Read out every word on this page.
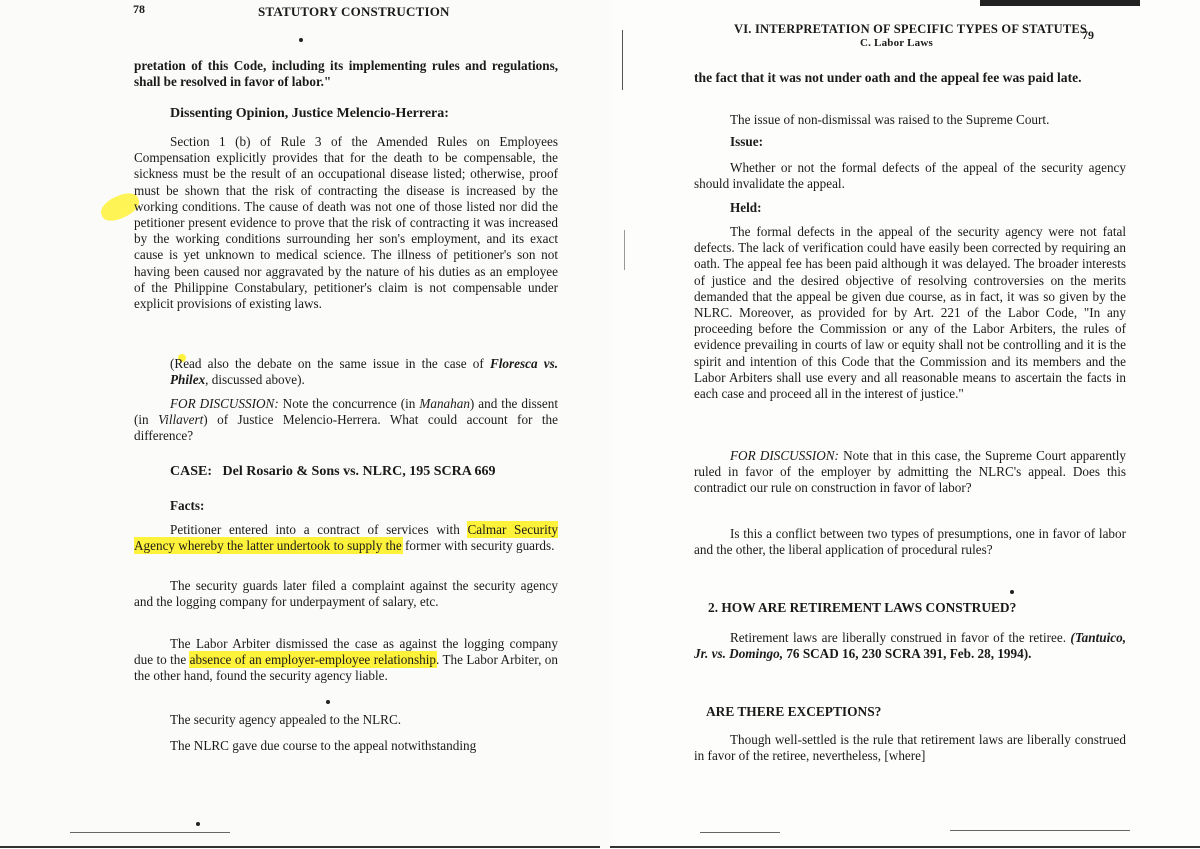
78	STATUTORY CONSTRUCTION

pretation of this Code, including its implementing rules and regulations, shall be resolved in favor of labor."

Dissenting Opinion, Justice Melencio-Herrera:

Section 1 (b) of Rule 3 of the Amended Rules on Employees Compensation explicitly provides that for the death to be compensable, the sickness must be the result of an occupational disease listed; otherwise, proof must be shown that the risk of contracting the disease is increased by the working conditions. The cause of death was not one of those listed nor did the petitioner present evidence to prove that the risk of contracting it was increased by the working conditions surrounding her son's employment, and its exact cause is yet unknown to medical science. The illness of petitioner's son not having been caused nor aggravated by the nature of his duties as an employee of the Philippine Constabulary, petitioner's claim is not compensable under explicit provisions of existing laws.

(Read also the debate on the same issue in the case of Floresca vs. Philex, discussed above).

FOR DISCUSSION: Note the concurrence (in Manahan) and the dissent (in Villavert) of Justice Melencio-Herrera. What could account for the difference?

CASE: Del Rosario & Sons vs. NLRC, 195 SCRA 669

Facts:

Petitioner entered into a contract of services with Calmar Security Agency whereby the latter undertook to supply the former with security guards.

The security guards later filed a complaint against the security agency and the logging company for underpayment of salary, etc.

The Labor Arbiter dismissed the case as against the logging company due to the absence of an employer-employee relationship. The Labor Arbiter, on the other hand, found the security agency liable.

The security agency appealed to the NLRC.

The NLRC gave due course to the appeal notwithstanding

VI. INTERPRETATION OF SPECIFIC TYPES OF STATUTES
C. Labor Laws
79

the fact that it was not under oath and the appeal fee was paid late.

The issue of non-dismissal was raised to the Supreme Court.

Issue:

Whether or not the formal defects of the appeal of the security agency should invalidate the appeal.

Held:

The formal defects in the appeal of the security agency were not fatal defects. The lack of verification could have easily been corrected by requiring an oath. The appeal fee has been paid although it was delayed. The broader interests of justice and the desired objective of resolving controversies on the merits demanded that the appeal be given due course, as in fact, it was so given by the NLRC. Moreover, as provided for by Art. 221 of the Labor Code, "In any proceeding before the Commission or any of the Labor Arbiters, the rules of evidence prevailing in courts of law or equity shall not be controlling and it is the spirit and intention of this Code that the Commission and its members and the Labor Arbiters shall use every and all reasonable means to ascertain the facts in each case and proceed all in the interest of justice."

FOR DISCUSSION: Note that in this case, the Supreme Court apparently ruled in favor of the employer by admitting the NLRC's appeal. Does this contradict our rule on construction in favor of labor?

Is this a conflict between two types of presumptions, one in favor of labor and the other, the liberal application of procedural rules?

2. HOW ARE RETIREMENT LAWS CONSTRUED?

Retirement laws are liberally construed in favor of the retiree. (Tantuico, Jr. vs. Domingo, 76 SCAD 16, 230 SCRA 391, Feb. 28, 1994).

ARE THERE EXCEPTIONS?

Though well-settled is the rule that retirement laws are liberally construed in favor of the retiree, nevertheless, [where]
